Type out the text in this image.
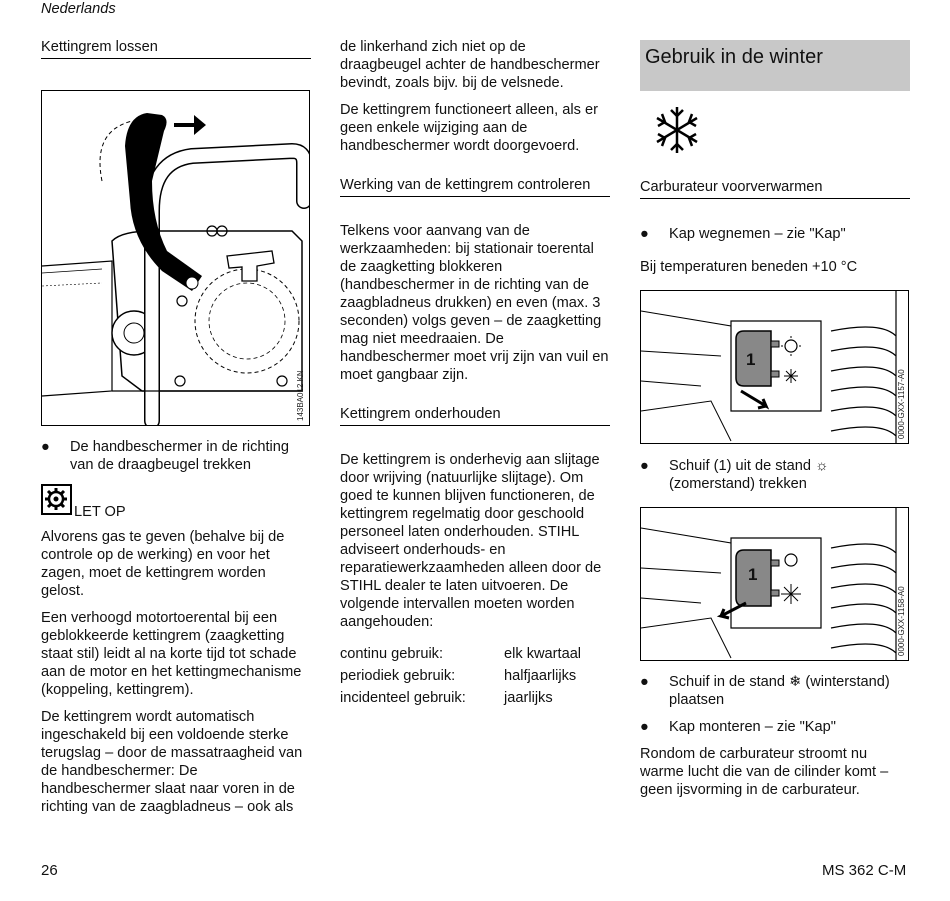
Nederlands
Kettingrem lossen
143BA012 KN
● De handbeschermer in de richting van de draagbeugel trekken
LET OP

Alvorens gas te geven (behalve bij de controle op de werking) en voor het zagen, moet de kettingrem worden gelost.

Een verhoogd motortoerental bij een geblokkeerde kettingrem (zaagketting staat stil) leidt al na korte tijd tot schade aan de motor en het kettingmechanisme (koppeling, kettingrem).

De kettingrem wordt automatisch ingeschakeld bij een voldoende sterke terugslag – door de massatraagheid van de handbeschermer: De handbeschermer slaat naar voren in de richting van de zaagbladneus – ook als

de linkerhand zich niet op de draagbeugel achter de handbeschermer bevindt, zoals bijv. bij de velsnede.

De kettingrem functioneert alleen, als er geen enkele wijziging aan de handbeschermer wordt doorgevoerd.

Werking van de kettingrem controleren

Telkens voor aanvang van de werkzaamheden: bij stationair toerental de zaagketting blokkeren (handbeschermer in de richting van de zaagbladneus drukken) en even (max. 3 seconden) volgs geven – de zaagketting mag niet meedraaien. De handbeschermer moet vrij zijn van vuil en moet gangbaar zijn.

Kettingrem onderhouden

De kettingrem is onderhevig aan slijtage door wrijving (natuurlijke slijtage). Om goed te kunnen blijven functioneren, de kettingrem regelmatig door geschoold personeel laten onderhouden. STIHL adviseert onderhouds- en reparatiewerkzaamheden alleen door de STIHL dealer te laten uitvoeren. De volgende intervallen moeten worden aangehouden:

continu gebruik:	elk kwartaal
periodiek gebruik:	halfjaarlijks
incidenteel gebruik:	jaarlijks
Gebruik in de winter
Carburateur voorverwarmen
● Kap wegnemen – zie "Kap"
Bij temperaturen beneden +10 °C
1
0000-GXX-1157-A0
● Schuif (1) uit de stand ☼ (zomerstand) trekken
1
0000-GXX-1158-A0
● Schuif in de stand ❄ (winterstand) plaatsen
● Kap monteren – zie "Kap"

Rondom de carburateur stroomt nu warme lucht die van de cilinder komt – geen ijsvorming in de carburateur.

26	MS 362 C-M
